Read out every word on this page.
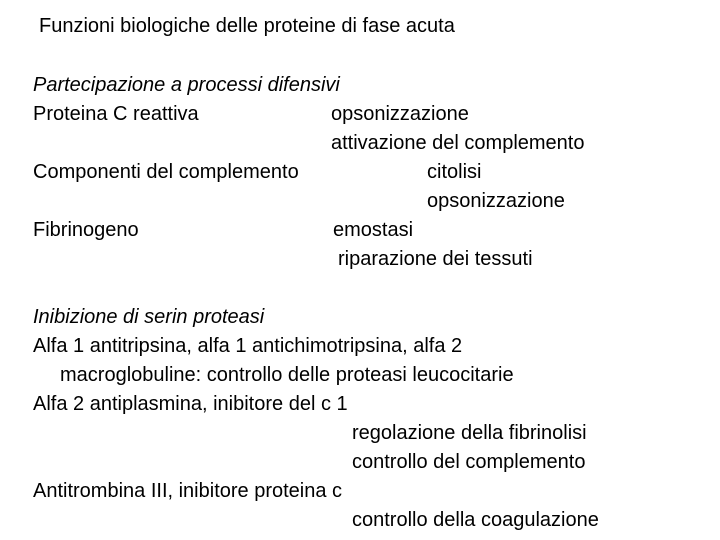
Funzioni biologiche delle proteine di fase acuta
Partecipazione a processi difensivi
Proteina C reattiva	opsonizzazione
attivazione del complemento
Componenti del complemento	citolisi
opsonizzazione
Fibrinogeno	emostasi
riparazione dei tessuti
Inibizione di serin proteasi
Alfa 1 antitripsina, alfa 1 antichimotripsina, alfa 2
macroglobuline: controllo delle proteasi leucocitarie
Alfa 2 antiplasmina, inibitore del c 1
regolazione della fibrinolisi
controllo del complemento
Antitrombina III, inibitore proteina c
controllo della coagulazione
